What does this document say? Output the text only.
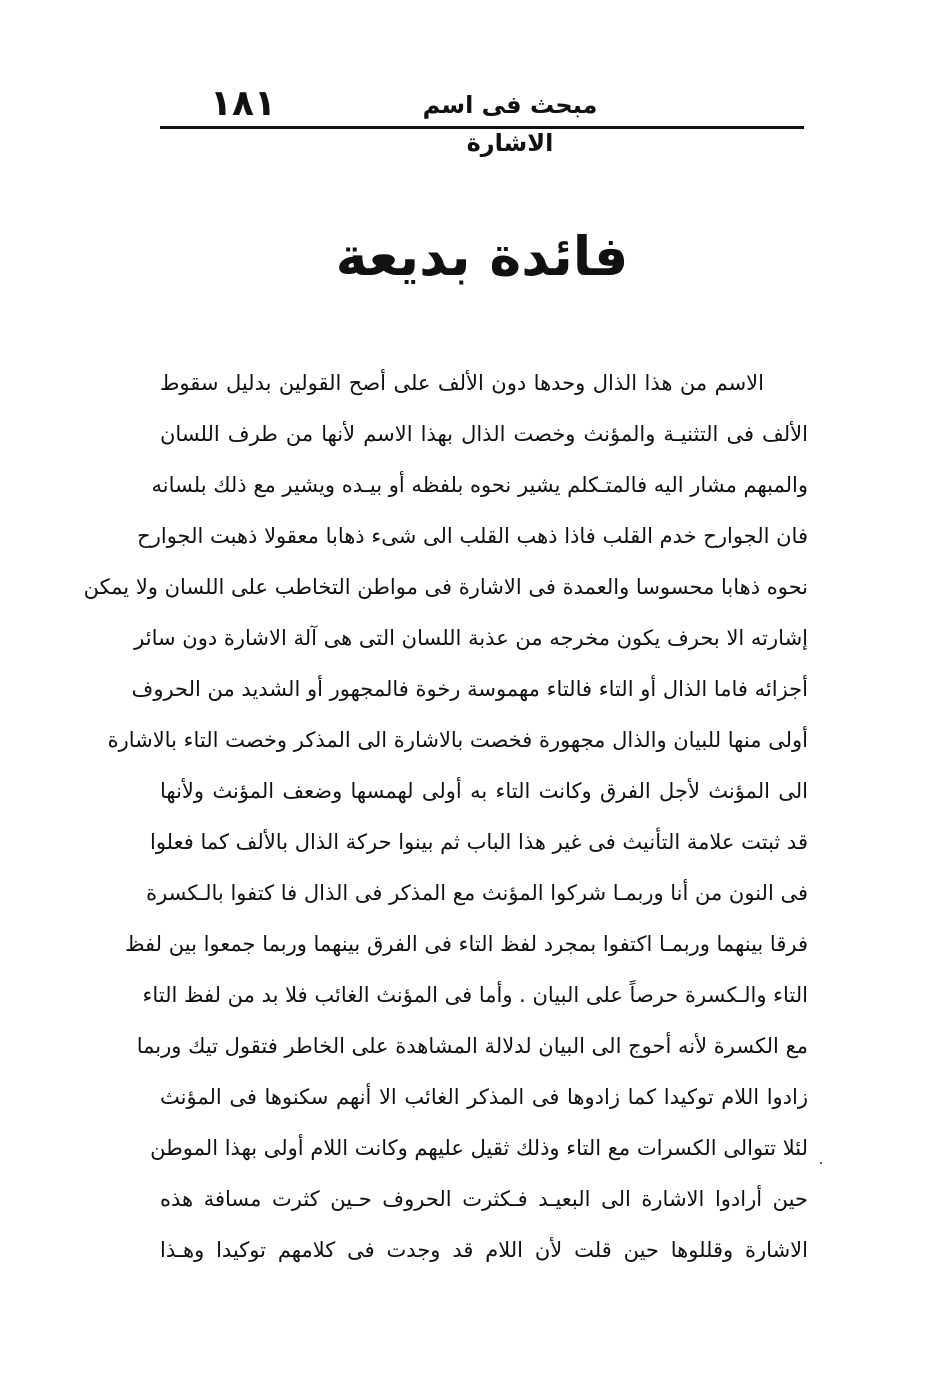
١٨١	مبحث فى اسم الاشارة
فائدة بديعة
الاسم من هذا الذال وحدها دون الألف على أصح القولين بدليل سقوط
الألف فى التثنيـة والمؤنث وخصت الذال بهذا الاسم لأنها من طرف اللسان
والمبهم مشار اليه فالمتـكلم يشير نحوه بلفظه أو بيـده ويشير مع ذلك بلسانه
فان الجوارح خدم القلب فاذا ذهب القلب الى شىء ذهابا معقولا ذهبت الجوارح
نحوه ذهابا محسوسا والعمدة فى الاشارة فى مواطن التخاطب على اللسان ولا يمكن
إشارته الا بحرف يكون مخرجه من عذبة اللسان التى هى آلة الاشارة دون سائر
أجزائه فاما الذال أو التاء فالتاء مهموسة رخوة فالمجهور أو الشديد من الحروف
أولى منها للبيان والذال مجهورة فخصت بالاشارة الى المذكر وخصت التاء بالاشارة
الى المؤنث لأجل الفرق وكانت التاء به أولى لهمسها وضعف المؤنث ولأنها
قد ثبتت علامة التأنيث فى غير هذا الباب ثم بينوا حركة الذال بالألف كما فعلوا
فى النون من أنا وربمـا شركوا المؤنث مع المذكر فى الذال فا كتفوا بالـكسرة
فرقا بينهما وربمـا اكتفوا بمجرد لفظ التاء فى الفرق بينهما وربما جمعوا بين لفظ
التاء والـكسرة حرصاً على البيان . وأما فى المؤنث الغائب فلا بد من لفظ التاء
مع الكسرة لأنه أحوج الى البيان لدلالة المشاهدة على الخاطر فتقول تيك وربما
زادوا اللام توكيدا كما زادوها فى المذكر الغائب الا أنهم سكنوها فى المؤنث
لئلا تتوالى الكسرات مع التاء وذلك ثقيل عليهم وكانت اللام أولى بهذا الموطن
حين أرادوا الاشارة الى البعيـد فـكثرت الحروف حـين كثرت مسافة هذه
الاشارة وقللوها حين قلت لأن اللام قد وجدت فى كلامهم توكيدا وهـذا
